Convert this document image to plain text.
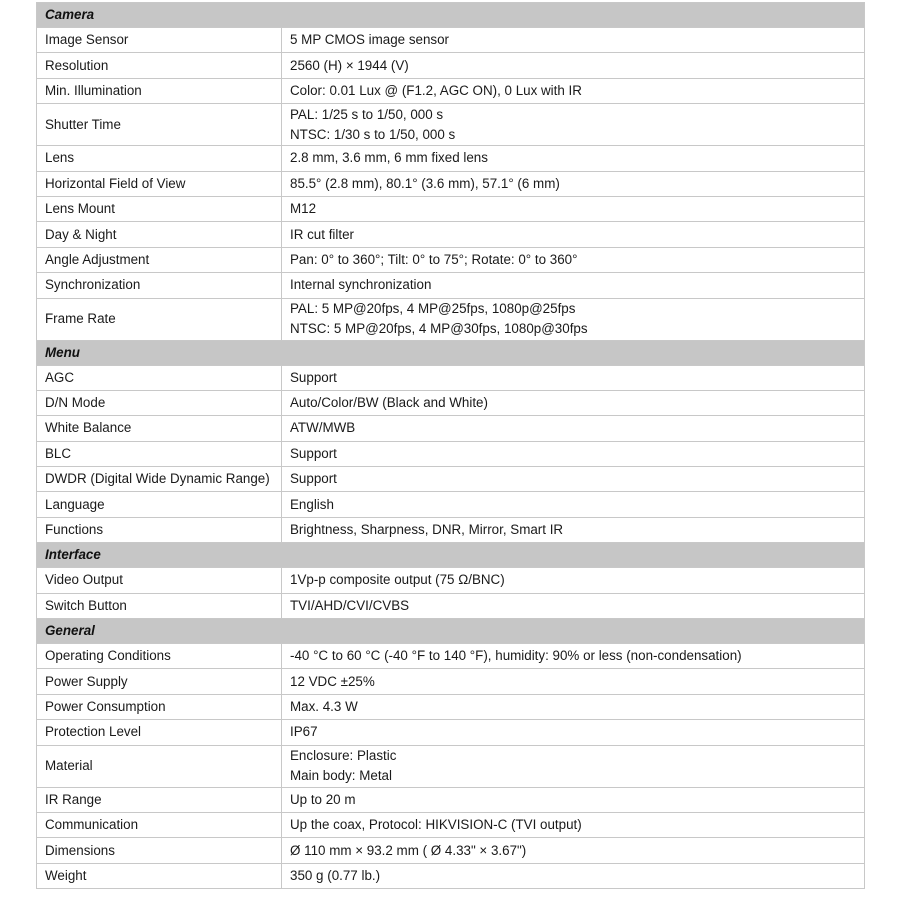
Camera	
Image Sensor	5 MP CMOS image sensor

Resolution	2560 (H) × 1944 (V)

Min. Illumination	Color: 0.01 Lux @ (F1.2, AGC ON), 0 Lux with IR

Shutter Time	PAL: 1/25 s to 1/50, 000 s
NTSC: 1/30 s to 1/50, 000 s

Lens	2.8 mm, 3.6 mm, 6 mm fixed lens

Horizontal Field of View	85.5° (2.8 mm), 80.1° (3.6 mm), 57.1° (6 mm)

Lens Mount	M12

Day & Night	IR cut filter

Angle Adjustment	Pan: 0° to 360°; Tilt: 0° to 75°; Rotate: 0° to 360°

Synchronization	Internal synchronization

Frame Rate	PAL: 5 MP@20fps, 4 MP@25fps, 1080p@25fps
NTSC: 5 MP@20fps, 4 MP@30fps, 1080p@30fps

Menu	
AGC	Support

D/N Mode	Auto/Color/BW (Black and White)

White Balance	ATW/MWB

BLC	Support

DWDR (Digital Wide Dynamic Range)	Support

Language	English

Functions	Brightness, Sharpness, DNR, Mirror, Smart IR

Interface	
Video Output	1Vp-p composite output (75 Ω/BNC)

Switch Button	TVI/AHD/CVI/CVBS

General	
Operating Conditions	-40 °C to 60 °C (-40 °F to 140 °F), humidity: 90% or less (non-condensation)

Power Supply	12 VDC ±25%

Power Consumption	Max. 4.3 W

Protection Level	IP67

Material	Enclosure: Plastic
Main body: Metal

IR Range	Up to 20 m

Communication	Up the coax, Protocol: HIKVISION-C (TVI output)

Dimensions	Ø 110 mm × 93.2 mm ( Ø 4.33" × 3.67")

Weight	350 g (0.77 lb.)
